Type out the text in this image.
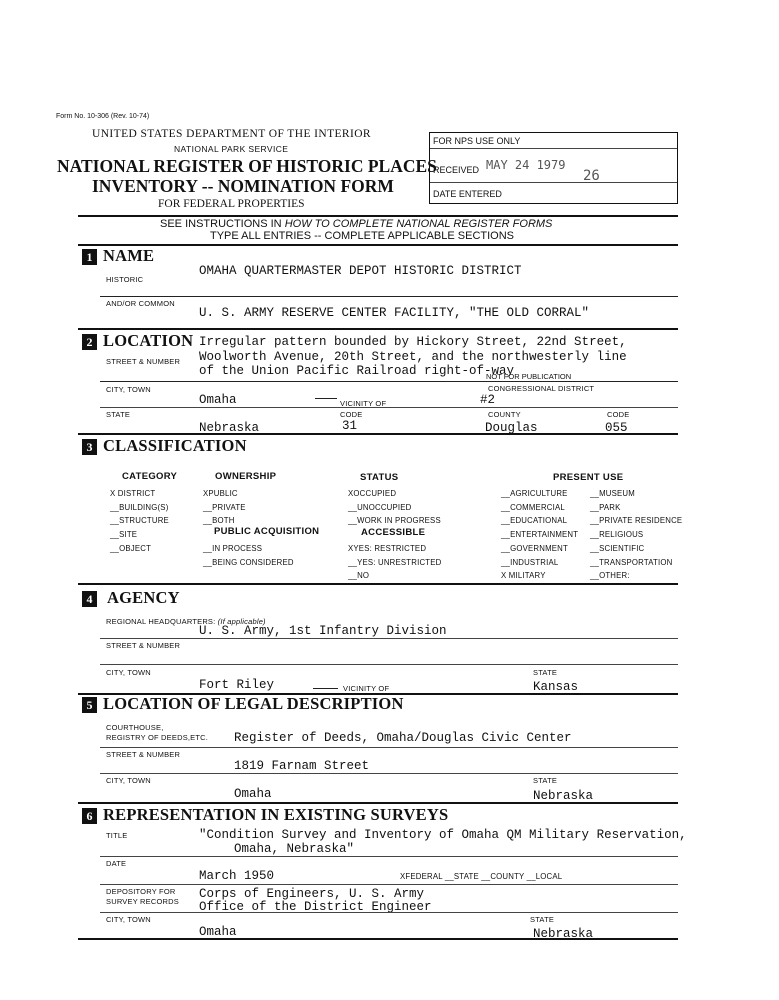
Form No. 10-306 (Rev. 10-74)
UNITED STATES DEPARTMENT OF THE INTERIOR
NATIONAL PARK SERVICE
NATIONAL REGISTER OF HISTORIC PLACES
INVENTORY -- NOMINATION FORM
FOR FEDERAL PROPERTIES
FOR NPS USE ONLY
RECEIVED MAY 24 1979
26
DATE ENTERED
SEE INSTRUCTIONS IN HOW TO COMPLETE NATIONAL REGISTER FORMS
TYPE ALL ENTRIES -- COMPLETE APPLICABLE SECTIONS
1 NAME
HISTORIC
OMAHA QUARTERMASTER DEPOT HISTORIC DISTRICT
AND/OR COMMON
U. S. ARMY RESERVE CENTER FACILITY, "THE OLD CORRAL"
2 LOCATION
STREET & NUMBER
Irregular pattern bounded by Hickory Street, 22nd Street,
Woolworth Avenue, 20th Street, and the northwesterly line
of the Union Pacific Railroad right-of-way
NOT FOR PUBLICATION
CITY, TOWN	CONGRESSIONAL DISTRICT
Omaha	VICINITY OF	#2
STATE	CODE	COUNTY	CODE
Nebraska	31	Douglas	055
3 CLASSIFICATION
CATEGORY
X DISTRICT
__BUILDING(S)
__STRUCTURE
__SITE
__OBJECT
OWNERSHIP
XPUBLIC
__PRIVATE
__BOTH
PUBLIC ACQUISITION
__IN PROCESS
__BEING CONSIDERED
STATUS
XOCCUPIED
__UNOCCUPIED
__WORK IN PROGRESS
ACCESSIBLE
XYES: RESTRICTED
__YES: UNRESTRICTED
__NO
PRESENT USE
__AGRICULTURE
__COMMERCIAL
__EDUCATIONAL
__ENTERTAINMENT
__GOVERNMENT
__INDUSTRIAL
X MILITARY
__MUSEUM
__PARK
__PRIVATE RESIDENCE
__RELIGIOUS
__SCIENTIFIC
__TRANSPORTATION
__OTHER:
4 AGENCY
REGIONAL HEADQUARTERS: (If applicable)
U. S. Army, 1st Infantry Division
STREET & NUMBER
CITY, TOWN	STATE
Fort Riley	VICINITY OF	Kansas
5 LOCATION OF LEGAL DESCRIPTION
COURTHOUSE,
REGISTRY OF DEEDS,ETC. Register of Deeds, Omaha/Douglas Civic Center
STREET & NUMBER
1819 Farnam Street
CITY, TOWN	STATE
Omaha	Nebraska
6 REPRESENTATION IN EXISTING SURVEYS
TITLE	"Condition Survey and Inventory of Omaha QM Military Reservation,
Omaha, Nebraska"
DATE
March 1950	XFEDERAL __STATE __COUNTY __LOCAL
DEPOSITORY FOR
SURVEY RECORDS
Corps of Engineers, U. S. Army
Office of the District Engineer
CITY, TOWN	STATE
Omaha	Nebraska
